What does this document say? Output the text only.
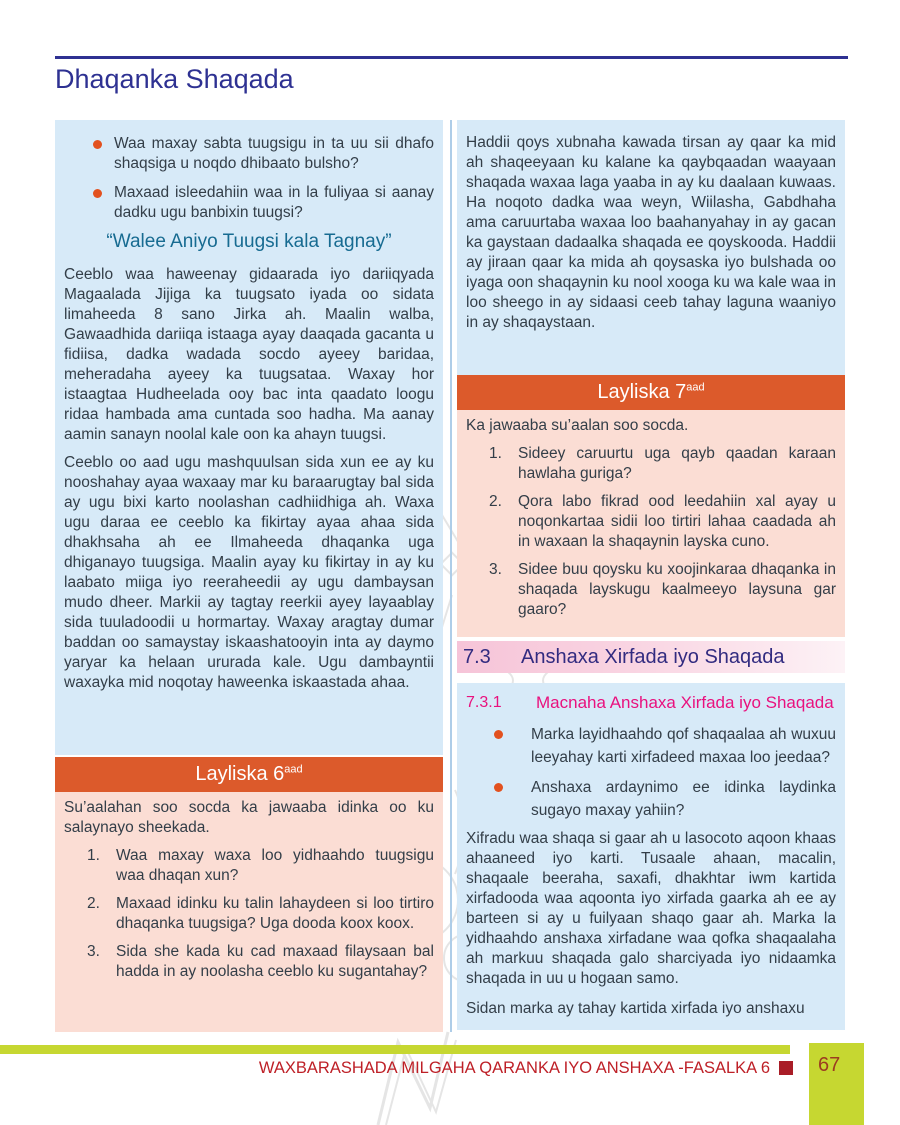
Dhaqanka Shaqada
Waa maxay sabta tuugsigu in ta uu sii dhafo shaqsiga u noqdo dhibaato bulsho?
Maxaad isleedahiin waa in la fuliyaa si aanay dadku ugu banbixin tuugsi?
“Walee Aniyo Tuugsi kala Tagnay”

Ceeblo waa haweenay gidaarada iyo dariiqyada Magaalada Jijiga ka tuugsato iyada oo sidata limaheeda 8 sano Jirka ah. Maalin walba, Gawaadhida dariiqa istaaga ayay daaqada gacanta u fidiisa, dadka wadada socdo ayeey baridaa, meheradaha ayeey ka tuugsataa. Waxay hor istaagtaa Hudheelada ooy bac inta qaadato loogu ridaa hambada ama cuntada soo hadha. Ma aanay aamin sanayn noolal kale oon ka ahayn tuugsi.

Ceeblo oo aad ugu mashquulsan sida xun ee ay ku nooshahay ayaa waxaay mar ku baraarugtay bal sida ay ugu bixi karto noolashan cadhiidhiga ah. Waxa ugu daraa ee ceeblo ka fikirtay ayaa ahaa sida dhakhsaha ah ee Ilmaheeda dhaqanka uga dhiganayo tuugsiga. Maalin ayay ku fikirtay in ay ku laabato miiga iyo reeraheedii ay ugu dambaysan mudo dheer. Markii ay tagtay reerkii ayey layaablay sida tuuladoodii u hormartay. Waxay aragtay dumar baddan oo samaystay iskaashatooyin inta ay daymo yaryar ka helaan ururada kale. Ugu dambayntii waxayka mid noqotay haweenka iskaastada ahaa.

Layliska $6^{aad}$

Su’aalahan soo socda ka jawaaba idinka oo ku salaynayo sheekada.

1. Waa maxay waxa loo yidhaahdo tuugsigu waa dhaqan xun?
2. Maxaad idinku ku talin lahaydeen si loo tirtiro dhaqanka tuugsiga? Uga dooda koox koox.
3. Sida she kada ku cad maxaad filaysaan bal hadda in ay noolasha ceeblo ku sugantahay?

Haddii qoys xubnaha kawada tirsan ay qaar ka mid ah shaqeeyaan ku kalane ka qaybqaadan waayaan shaqada waxaa laga yaaba in ay ku daalaan kuwaas. Ha noqoto dadka waa weyn, Wiilasha, Gabdhaha ama caruurtaba waxaa loo baahanyahay in ay gacan ka gaystaan dadaalka shaqada ee qoyskooda. Haddii ay jiraan qaar ka mida ah qoysaska iyo bulshada oo iyaga oon shaqaynin ku nool xooga ku wa kale waa in loo sheego in ay sidaasi ceeb tahay laguna waaniyo in ay shaqaystaan.

Layliska $7^{aad}$

Ka jawaaba su’aalan soo socda.

1. Sideey caruurtu uga qayb qaadan karaan hawlaha guriga?
2. Qora labo fikrad ood leedahiin xal ayay u noqonkartaa sidii loo tirtiri lahaa caadada ah in waxaan la shaqaynin layska cuno.
3. Sidee buu qoysku ku xoojinkaraa dhaqanka in shaqada layskugu kaalmeeyo laysuna gar gaaro?
7.3	Anshaxa Xirfada iyo Shaqada
7.3.1 Macnaha Anshaxa Xirfada iyo Shaqada
Marka layidhaahdo qof shaqaalaa ah wuxuu leeyahay karti xirfadeed maxaa loo jeedaa?
Anshaxa ardaynimo ee idinka laydinka sugayo maxay yahiin?

Xifradu waa shaqa si gaar ah u lasocoto aqoon khaas ahaaneed iyo karti. Tusaale ahaan, macalin, shaqaale beeraha, saxafi, dhakhtar iwm kartida xirfadooda waa aqoonta iyo xirfada gaarka ah ee ay barteen si ay u fuilyaan shaqo gaar ah. Marka la yidhaahdo anshaxa xirfadane waa qofka shaqaalaha ah markuu shaqada galo sharciyada iyo nidaamka shaqada in uu u hogaan samo.

Sidan marka ay tahay kartida xirfada iyo anshaxu

WAXBARASHADA MILGAHA QARANKA IYO ANSHAXA -FASALKA 6 67
